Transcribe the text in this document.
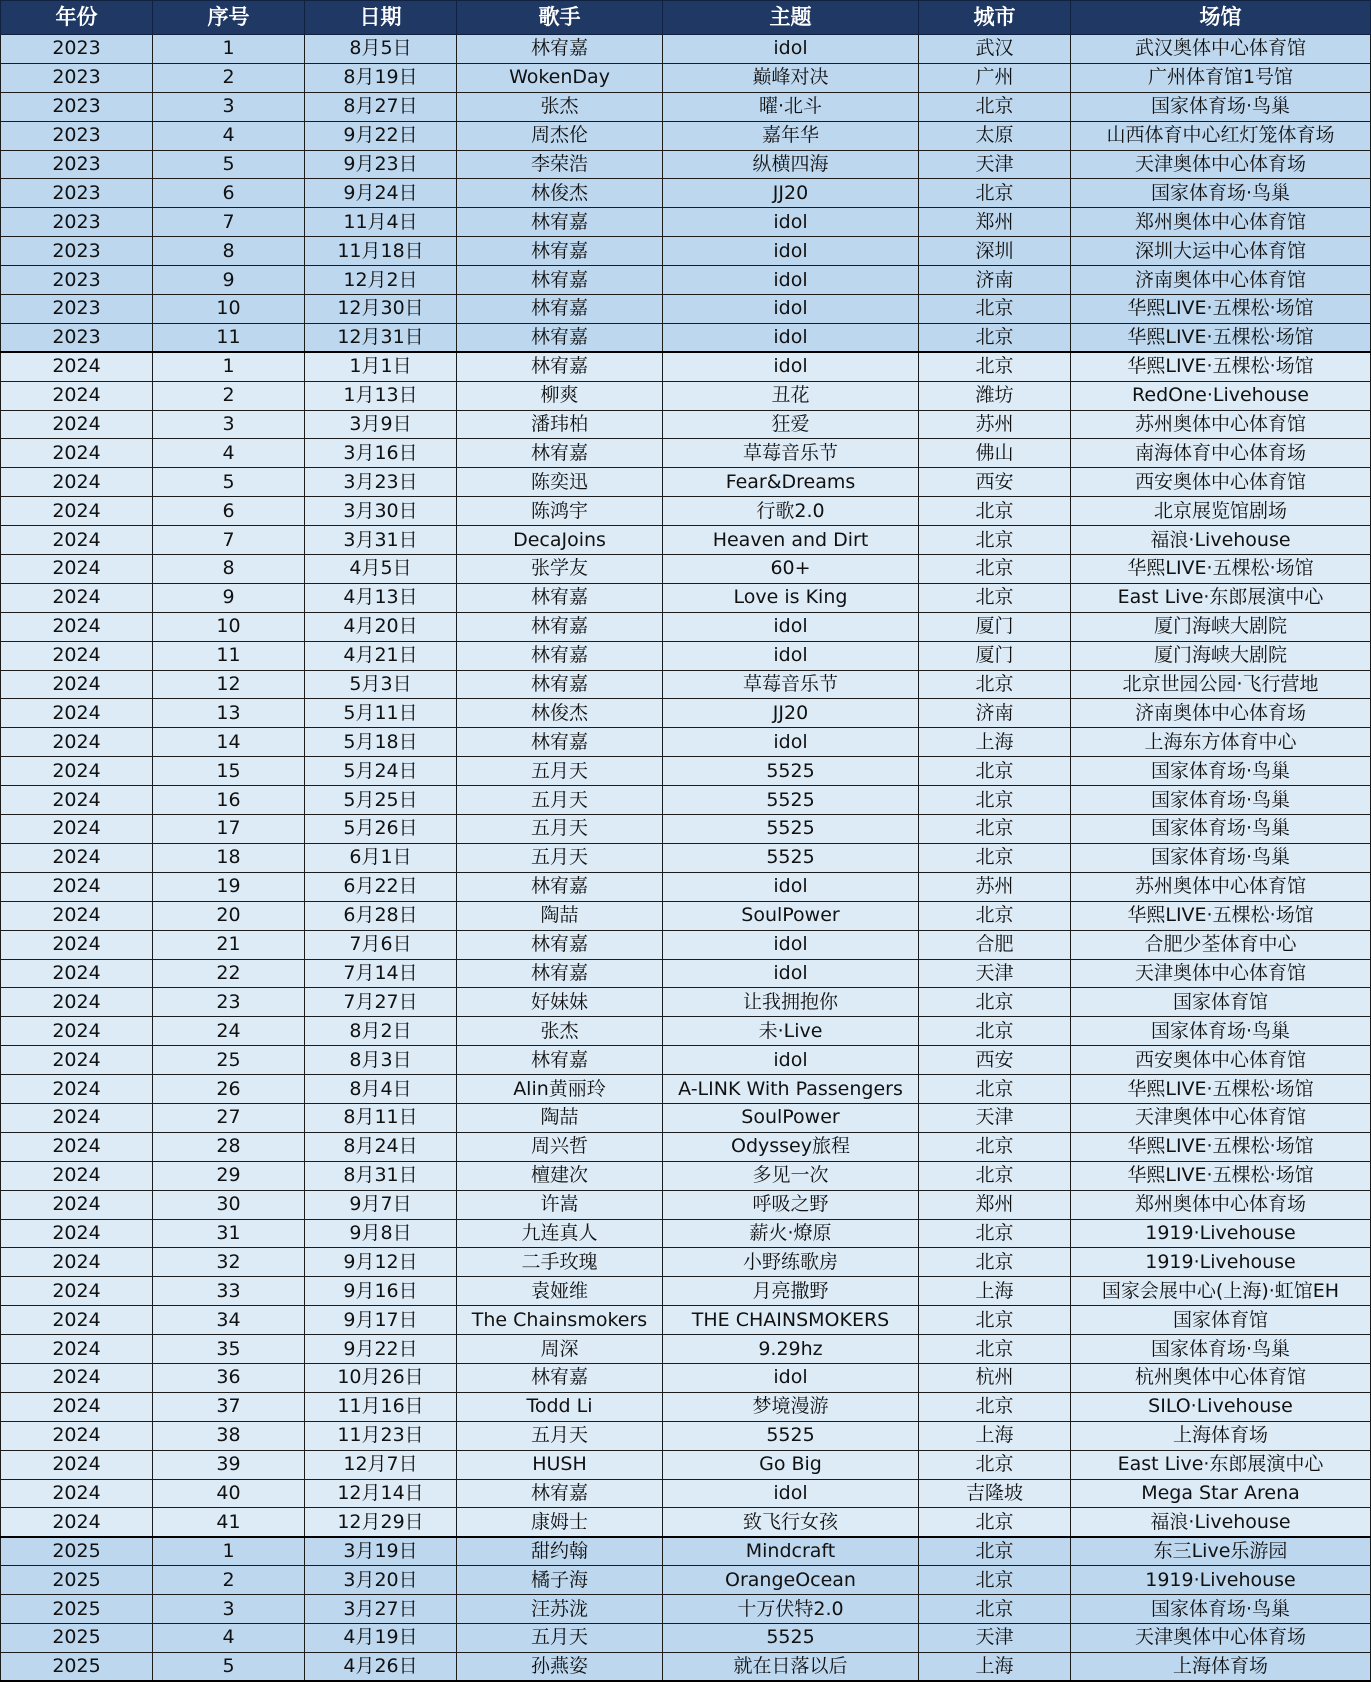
年份	序号	日期	歌手	主题	城市	场馆
2023	1	8月5日	林宥嘉	idol	武汉	武汉奥体中心体育馆
2023	2	8月19日	WokenDay	巅峰对决	广州	广州体育馆1号馆
2023	3	8月27日	张杰	曜·北斗	北京	国家体育场·鸟巢
2023	4	9月22日	周杰伦	嘉年华	太原	山西体育中心红灯笼体育场
2023	5	9月23日	李荣浩	纵横四海	天津	天津奥体中心体育场
2023	6	9月24日	林俊杰	JJ20	北京	国家体育场·鸟巢
2023	7	11月4日	林宥嘉	idol	郑州	郑州奥体中心体育馆
2023	8	11月18日	林宥嘉	idol	深圳	深圳大运中心体育馆
2023	9	12月2日	林宥嘉	idol	济南	济南奥体中心体育馆
2023	10	12月30日	林宥嘉	idol	北京	华熙LIVE·五棵松·场馆
2023	11	12月31日	林宥嘉	idol	北京	华熙LIVE·五棵松·场馆
2024	1	1月1日	林宥嘉	idol	北京	华熙LIVE·五棵松·场馆
2024	2	1月13日	柳爽	丑花	潍坊	RedOne·Livehouse
2024	3	3月9日	潘玮柏	狂爱	苏州	苏州奥体中心体育馆
2024	4	3月16日	林宥嘉	草莓音乐节	佛山	南海体育中心体育场
2024	5	3月23日	陈奕迅	Fear&Dreams	西安	西安奥体中心体育馆
2024	6	3月30日	陈鸿宇	行歌2.0	北京	北京展览馆剧场
2024	7	3月31日	DecaJoins	Heaven and Dirt	北京	福浪·Livehouse
2024	8	4月5日	张学友	60+	北京	华熙LIVE·五棵松·场馆
2024	9	4月13日	林宥嘉	Love is King	北京	East Live·东郎展演中心
2024	10	4月20日	林宥嘉	idol	厦门	厦门海峡大剧院
2024	11	4月21日	林宥嘉	idol	厦门	厦门海峡大剧院
2024	12	5月3日	林宥嘉	草莓音乐节	北京	北京世园公园·飞行营地
2024	13	5月11日	林俊杰	JJ20	济南	济南奥体中心体育场
2024	14	5月18日	林宥嘉	idol	上海	上海东方体育中心
2024	15	5月24日	五月天	5525	北京	国家体育场·鸟巢
2024	16	5月25日	五月天	5525	北京	国家体育场·鸟巢
2024	17	5月26日	五月天	5525	北京	国家体育场·鸟巢
2024	18	6月1日	五月天	5525	北京	国家体育场·鸟巢
2024	19	6月22日	林宥嘉	idol	苏州	苏州奥体中心体育馆
2024	20	6月28日	陶喆	SoulPower	北京	华熙LIVE·五棵松·场馆
2024	21	7月6日	林宥嘉	idol	合肥	合肥少荃体育中心
2024	22	7月14日	林宥嘉	idol	天津	天津奥体中心体育馆
2024	23	7月27日	好妹妹	让我拥抱你	北京	国家体育馆
2024	24	8月2日	张杰	未·Live	北京	国家体育场·鸟巢
2024	25	8月3日	林宥嘉	idol	西安	西安奥体中心体育馆
2024	26	8月4日	Alin黄丽玲	A-LINK With Passengers	北京	华熙LIVE·五棵松·场馆
2024	27	8月11日	陶喆	SoulPower	天津	天津奥体中心体育馆
2024	28	8月24日	周兴哲	Odyssey旅程	北京	华熙LIVE·五棵松·场馆
2024	29	8月31日	檀建次	多见一次	北京	华熙LIVE·五棵松·场馆
2024	30	9月7日	许嵩	呼吸之野	郑州	郑州奥体中心体育场
2024	31	9月8日	九连真人	薪火·燎原	北京	1919·Livehouse
2024	32	9月12日	二手玫瑰	小野练歌房	北京	1919·Livehouse
2024	33	9月16日	袁娅维	月亮撒野	上海	国家会展中心(上海)·虹馆EH
2024	34	9月17日	The Chainsmokers	THE CHAINSMOKERS	北京	国家体育馆
2024	35	9月22日	周深	9.29hz	北京	国家体育场·鸟巢
2024	36	10月26日	林宥嘉	idol	杭州	杭州奥体中心体育馆
2024	37	11月16日	Todd Li	梦境漫游	北京	SILO·Livehouse
2024	38	11月23日	五月天	5525	上海	上海体育场
2024	39	12月7日	HUSH	Go Big	北京	East Live·东郎展演中心
2024	40	12月14日	林宥嘉	idol	吉隆坡	Mega Star Arena
2024	41	12月29日	康姆士	致飞行女孩	北京	福浪·Livehouse
2025	1	3月19日	甜约翰	Mindcraft	北京	东三Live乐游园
2025	2	3月20日	橘子海	OrangeOcean	北京	1919·Livehouse
2025	3	3月27日	汪苏泷	十万伏特2.0	北京	国家体育场·鸟巢
2025	4	4月19日	五月天	5525	天津	天津奥体中心体育场
2025	5	4月26日	孙燕姿	就在日落以后	上海	上海体育场
